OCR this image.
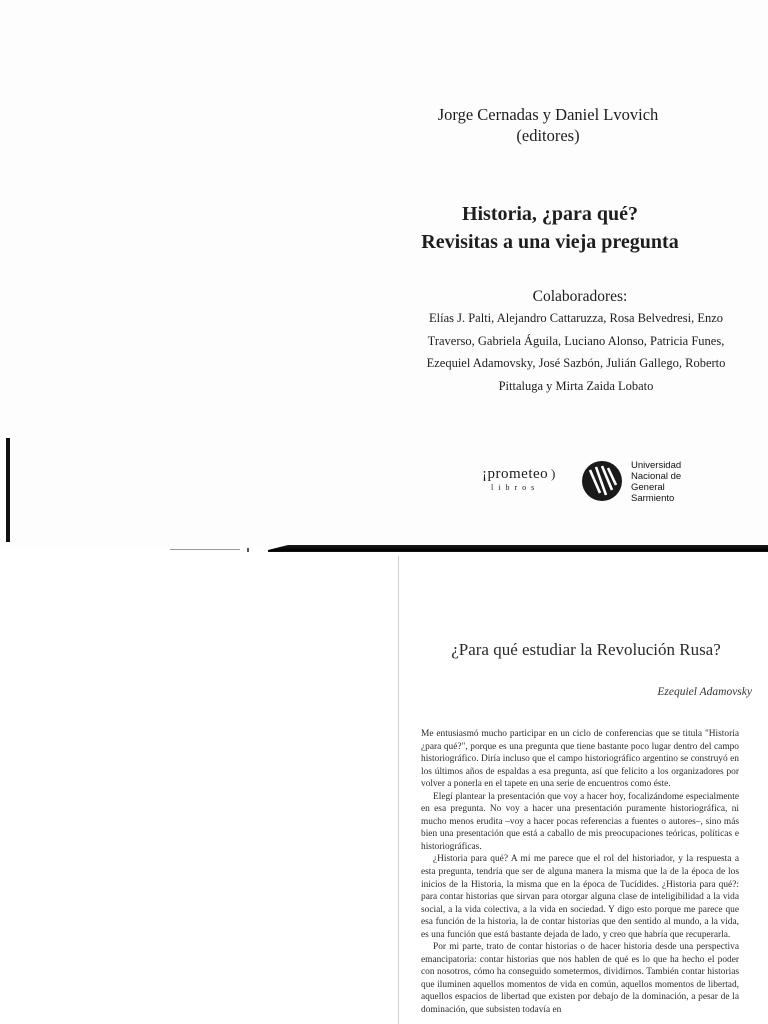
Jorge Cernadas y Daniel Lvovich
(editores)
Historia, ¿para qué?
Revisitas a una vieja pregunta
Colaboradores:
Elías J. Palti, Alejandro Cattaruzza, Rosa Belvedresi, Enzo
Traverso, Gabriela Águila, Luciano Alonso, Patricia Funes,
Ezequiel Adamovsky, José Sazbón, Julián Gallego, Roberto
Pittaluga y Mirta Zaida Lobato
¡prometeo )
libros
Universidad
Nacional de
General
Sarmiento
¿Para qué estudiar la Revolución Rusa?
Ezequiel Adamovsky

Me entusiasmó mucho participar en un ciclo de conferencias que se titula "Historia ¿para qué?", porque es una pregunta que tiene bastante poco lugar dentro del campo historiográfico. Diría incluso que el campo historiográfico argentino se construyó en los últimos años de espaldas a esa pregunta, así que felicito a los organizadores por volver a ponerla en el tapete en una serie de encuentros como éste.

Elegí plantear la presentación que voy a hacer hoy, focalizándome especialmente en esa pregunta. No voy a hacer una presentación puramente historiográfica, ni mucho menos erudita –voy a hacer pocas referencias a fuentes o autores–, sino más bien una presentación que está a caballo de mis preocupaciones teóricas, políticas e historiográficas.

¿Historia para qué? A mí me parece que el rol del historiador, y la respuesta a esta pregunta, tendría que ser de alguna manera la misma que la de la época de los inicios de la Historia, la misma que en la época de Tucídides. ¿Historia para qué?: para contar historias que sirvan para otorgar alguna clase de inteligibilidad a la vida social, a la vida colectiva, a la vida en sociedad. Y digo esto porque me parece que esa función de la historia, la de contar historias que den sentido al mundo, a la vida, es una función que está bastante dejada de lado, y creo que habría que recuperarla.

Por mi parte, trato de contar historias o de hacer historia desde una perspectiva emancipatoria: contar historias que nos hablen de qué es lo que ha hecho el poder con nosotros, cómo ha conseguido sometermos, dividirnos. También contar historias que iluminen aquellos momentos de vida en común, aquellos momentos de libertad, aquellos espacios de libertad que existen por debajo de la dominación, a pesar de la dominación, que subsisten todavía en
